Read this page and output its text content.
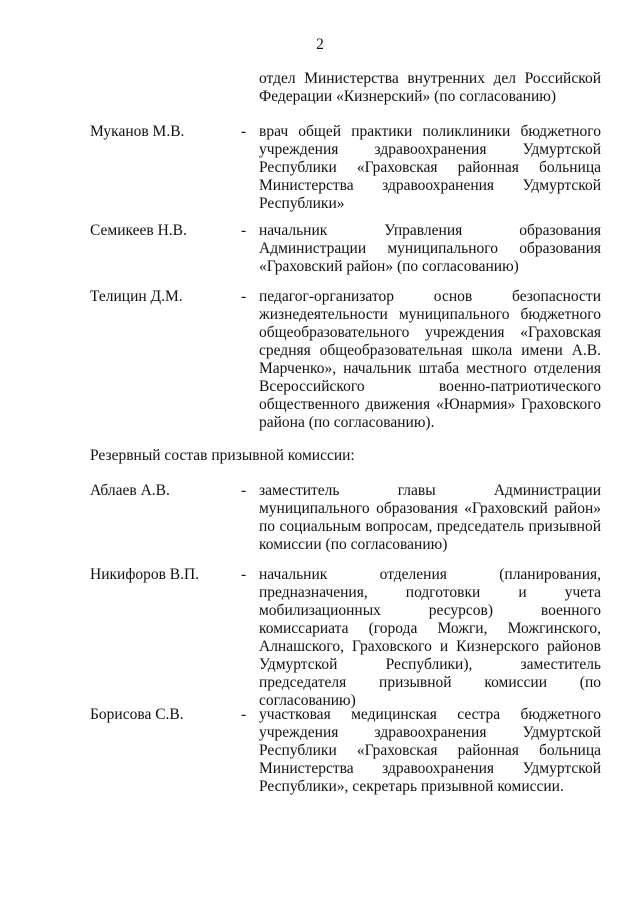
2
отдел Министерства внутренних дел Российской Федерации «Кизнерский» (по согласованию)
Муканов М.В.	- врач общей практики поликлиники бюджетного учреждения здравоохранения Удмуртской Республики «Граховская районная больница Министерства здравоохранения Удмуртской Республики»
Семикеев Н.В.	- начальник Управления образования Администрации муниципального образования «Граховский район» (по согласованию)
Телицин Д.М.	- педагог-организатор основ безопасности жизнедеятельности муниципального бюджетного общеобразовательного учреждения «Граховская средняя общеобразовательная школа имени А.В. Марченко», начальник штаба местного отделения Всероссийского военно-патриотического общественного движения «Юнармия» Граховского района (по согласованию).
Резервный состав призывной комиссии:
Аблаев А.В.	- заместитель главы Администрации муниципального образования «Граховский район» по социальным вопросам, председатель призывной комиссии (по согласованию)
Никифоров В.П.	- начальник отделения (планирования, предназначения, подготовки и учета мобилизационных ресурсов) военного комиссариата (города Можги, Можгинского, Алнашского, Граховского и Кизнерского районов Удмуртской Республики), заместитель председателя призывной комиссии (по согласованию)
Борисова С.В.	- участковая медицинская сестра бюджетного учреждения здравоохранения Удмуртской Республики «Граховская районная больница Министерства здравоохранения Удмуртской Республики», секретарь призывной комиссии.
